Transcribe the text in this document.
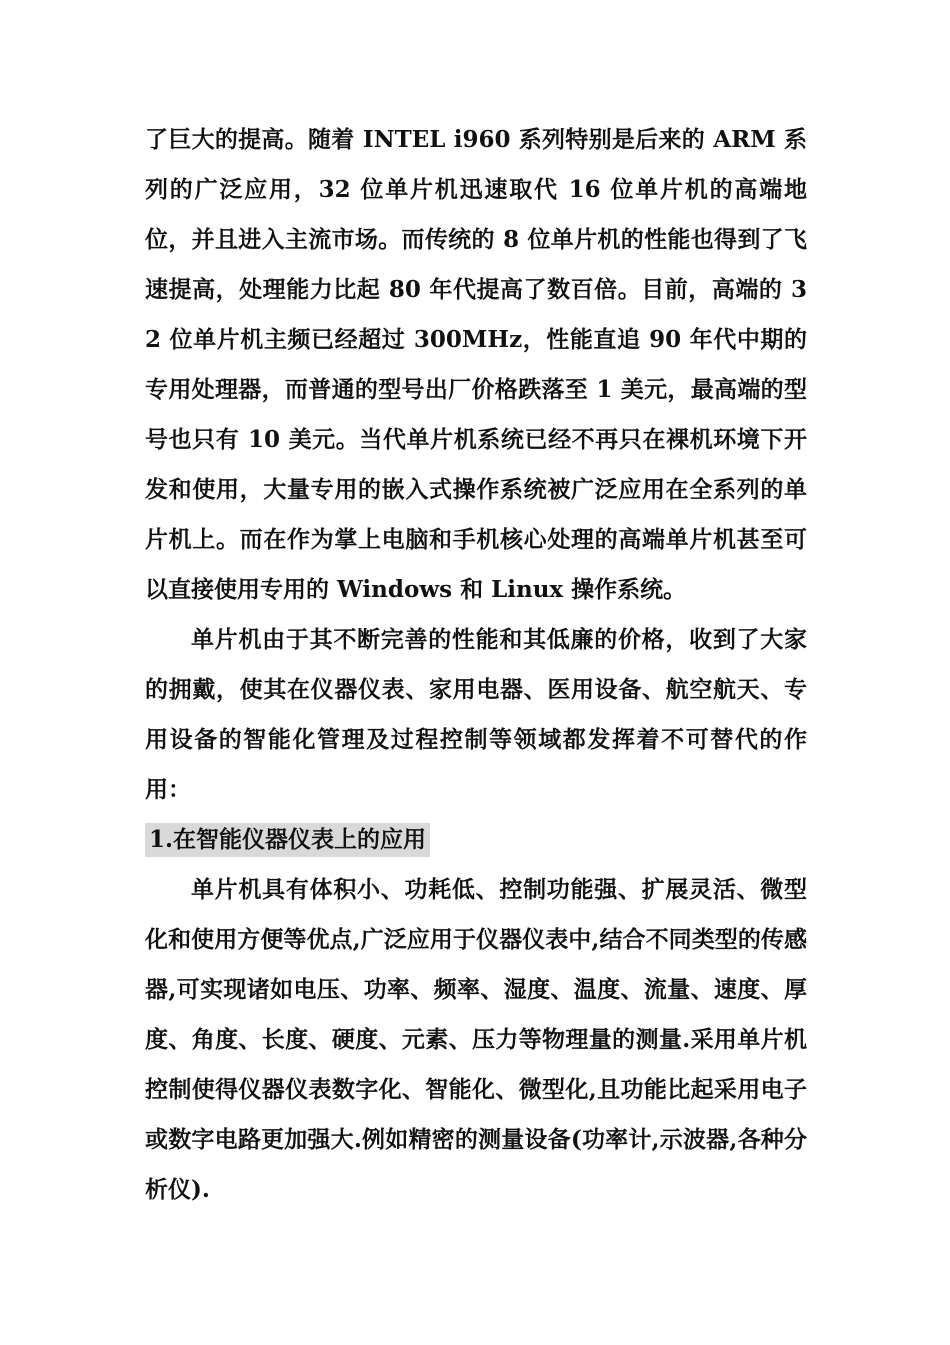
了巨大的提高。随着 INTEL i960 系列特别是后来的 ARM 系列的广泛应用，32 位单片机迅速取代 16 位单片机的高端地位，并且进入主流市场。而传统的 8 位单片机的性能也得到了飞速提高，处理能力比起 80 年代提高了数百倍。目前，高端的 32 位单片机主频已经超过 300MHz，性能直追 90 年代中期的专用处理器，而普通的型号出厂价格跌落至 1 美元，最高端的型号也只有 10 美元。当代单片机系统已经不再只在裸机环境下开发和使用，大量专用的嵌入式操作系统被广泛应用在全系列的单片机上。而在作为掌上电脑和手机核心处理的高端单片机甚至可以直接使用专用的 Windows 和 Linux 操作系统。

单片机由于其不断完善的性能和其低廉的价格，收到了大家的拥戴，使其在仪器仪表、家用电器、医用设备、航空航天、专用设备的智能化管理及过程控制等领域都发挥着不可替代的作用：

1.在智能仪器仪表上的应用

单片机具有体积小、功耗低、控制功能强、扩展灵活、微型化和使用方便等优点,广泛应用于仪器仪表中,结合不同类型的传感器,可实现诸如电压、功率、频率、湿度、温度、流量、速度、厚度、角度、长度、硬度、元素、压力等物理量的测量.采用单片机控制使得仪器仪表数字化、智能化、微型化,且功能比起采用电子或数字电路更加强大.例如精密的测量设备(功率计,示波器,各种分析仪).
